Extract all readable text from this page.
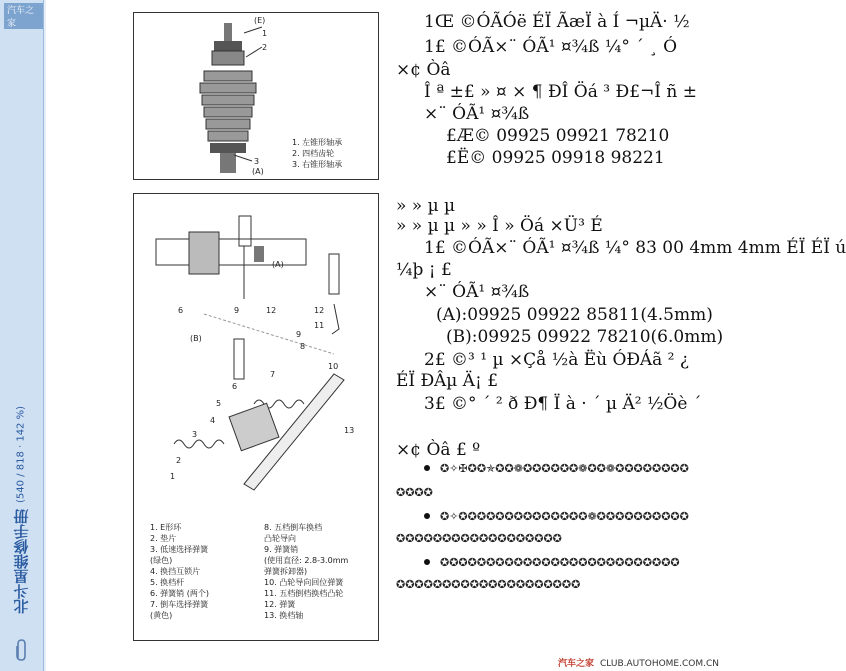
汽车之家
北斗星维修手册
(540 / 818 · 142 %)
(E)
1
2
3
(A)
1. 左锥形轴承
2. 四档齿轮
3. 右锥形轴承
(A)
(B)
6	9	12	12
11
9
8
10
7
6
5
4
3
2
1
13
1. E形环
2. 垫片
3. 低速选择弹簧
(绿色)
4. 换挡互锁片
5. 换档杆
6. 弹簧销 (两个)
7. 倒车选择弹簧
(黄色)
8. 五档倒车换档
凸轮导向
9. 弹簧销
(使用直径: 2.8-3.0mm
弹簧拆卸器)
10. 凸轮导向回位弹簧
11. 五档倒档换档凸轮
12. 弹簧
13. 换档轴
1Œ ©ÓÃÓë ÉÏ ÃæÏ à Í ¬µÄ· ½
1£ ©ÓÃ×¨ ÓÃ¹ ¤¾ß ¼° ´ ¸ Ó
×¢ Òâ
Î ª ±£ » ¤ × ¶ ÐÎ Öá ³ Ð£¬Î ñ ±
×¨ ÓÃ¹ ¤¾ß
£Æ© 09925 09921 78210
£Ë© 09925 09918 98221
» » µ µ
» » µ µ » » Î » Öá ×Ü³ É
1£ ©ÓÃ×¨ ÓÃ¹ ¤¾ß ¼° 83 00 4mm 4mm ÉÏ ÉÏ ú
¼þ ¡ £
×¨ ÓÃ¹ ¤¾ß
(A):09925 09922 85811(4.5mm)
(B):09925 09922 78210(6.0mm)
2£ ©³ ¹ µ ×Çå ½à Ëù ÓÐÁã ² ¿
ÉÏ ÐÂµ Ä¡ £
3£ ©° ´ ² ð Ð¶ Ï à · ´ µ Ä² ½Öè ´
×¢ Òâ £ º
✪✧✠✪✪✯✪✪❁✪✪✪✪✪✪❁✪✪❁✪✪✪✪✪✪✪✪
✪✪✪✪
✪✧✪✪✪✪✪✪✪✪✪✪✪✪✪✪❁✪✪✪✪✪✪✪✪✪✪
✪✪✪✪✪✪✪✪✪✪✪✪✪✪✪✪✪✪
✪✪✪✪✪✪✪✪✪✪✪✪✪✪✪✪✪✪✪✪✪✪✪✪✪✪
✪✪✪✪✪✪✪✪✪✪✪✪✪✪✪✪✪✪✪✪
汽车之家 CLUB.AUTOHOME.COM.CN
